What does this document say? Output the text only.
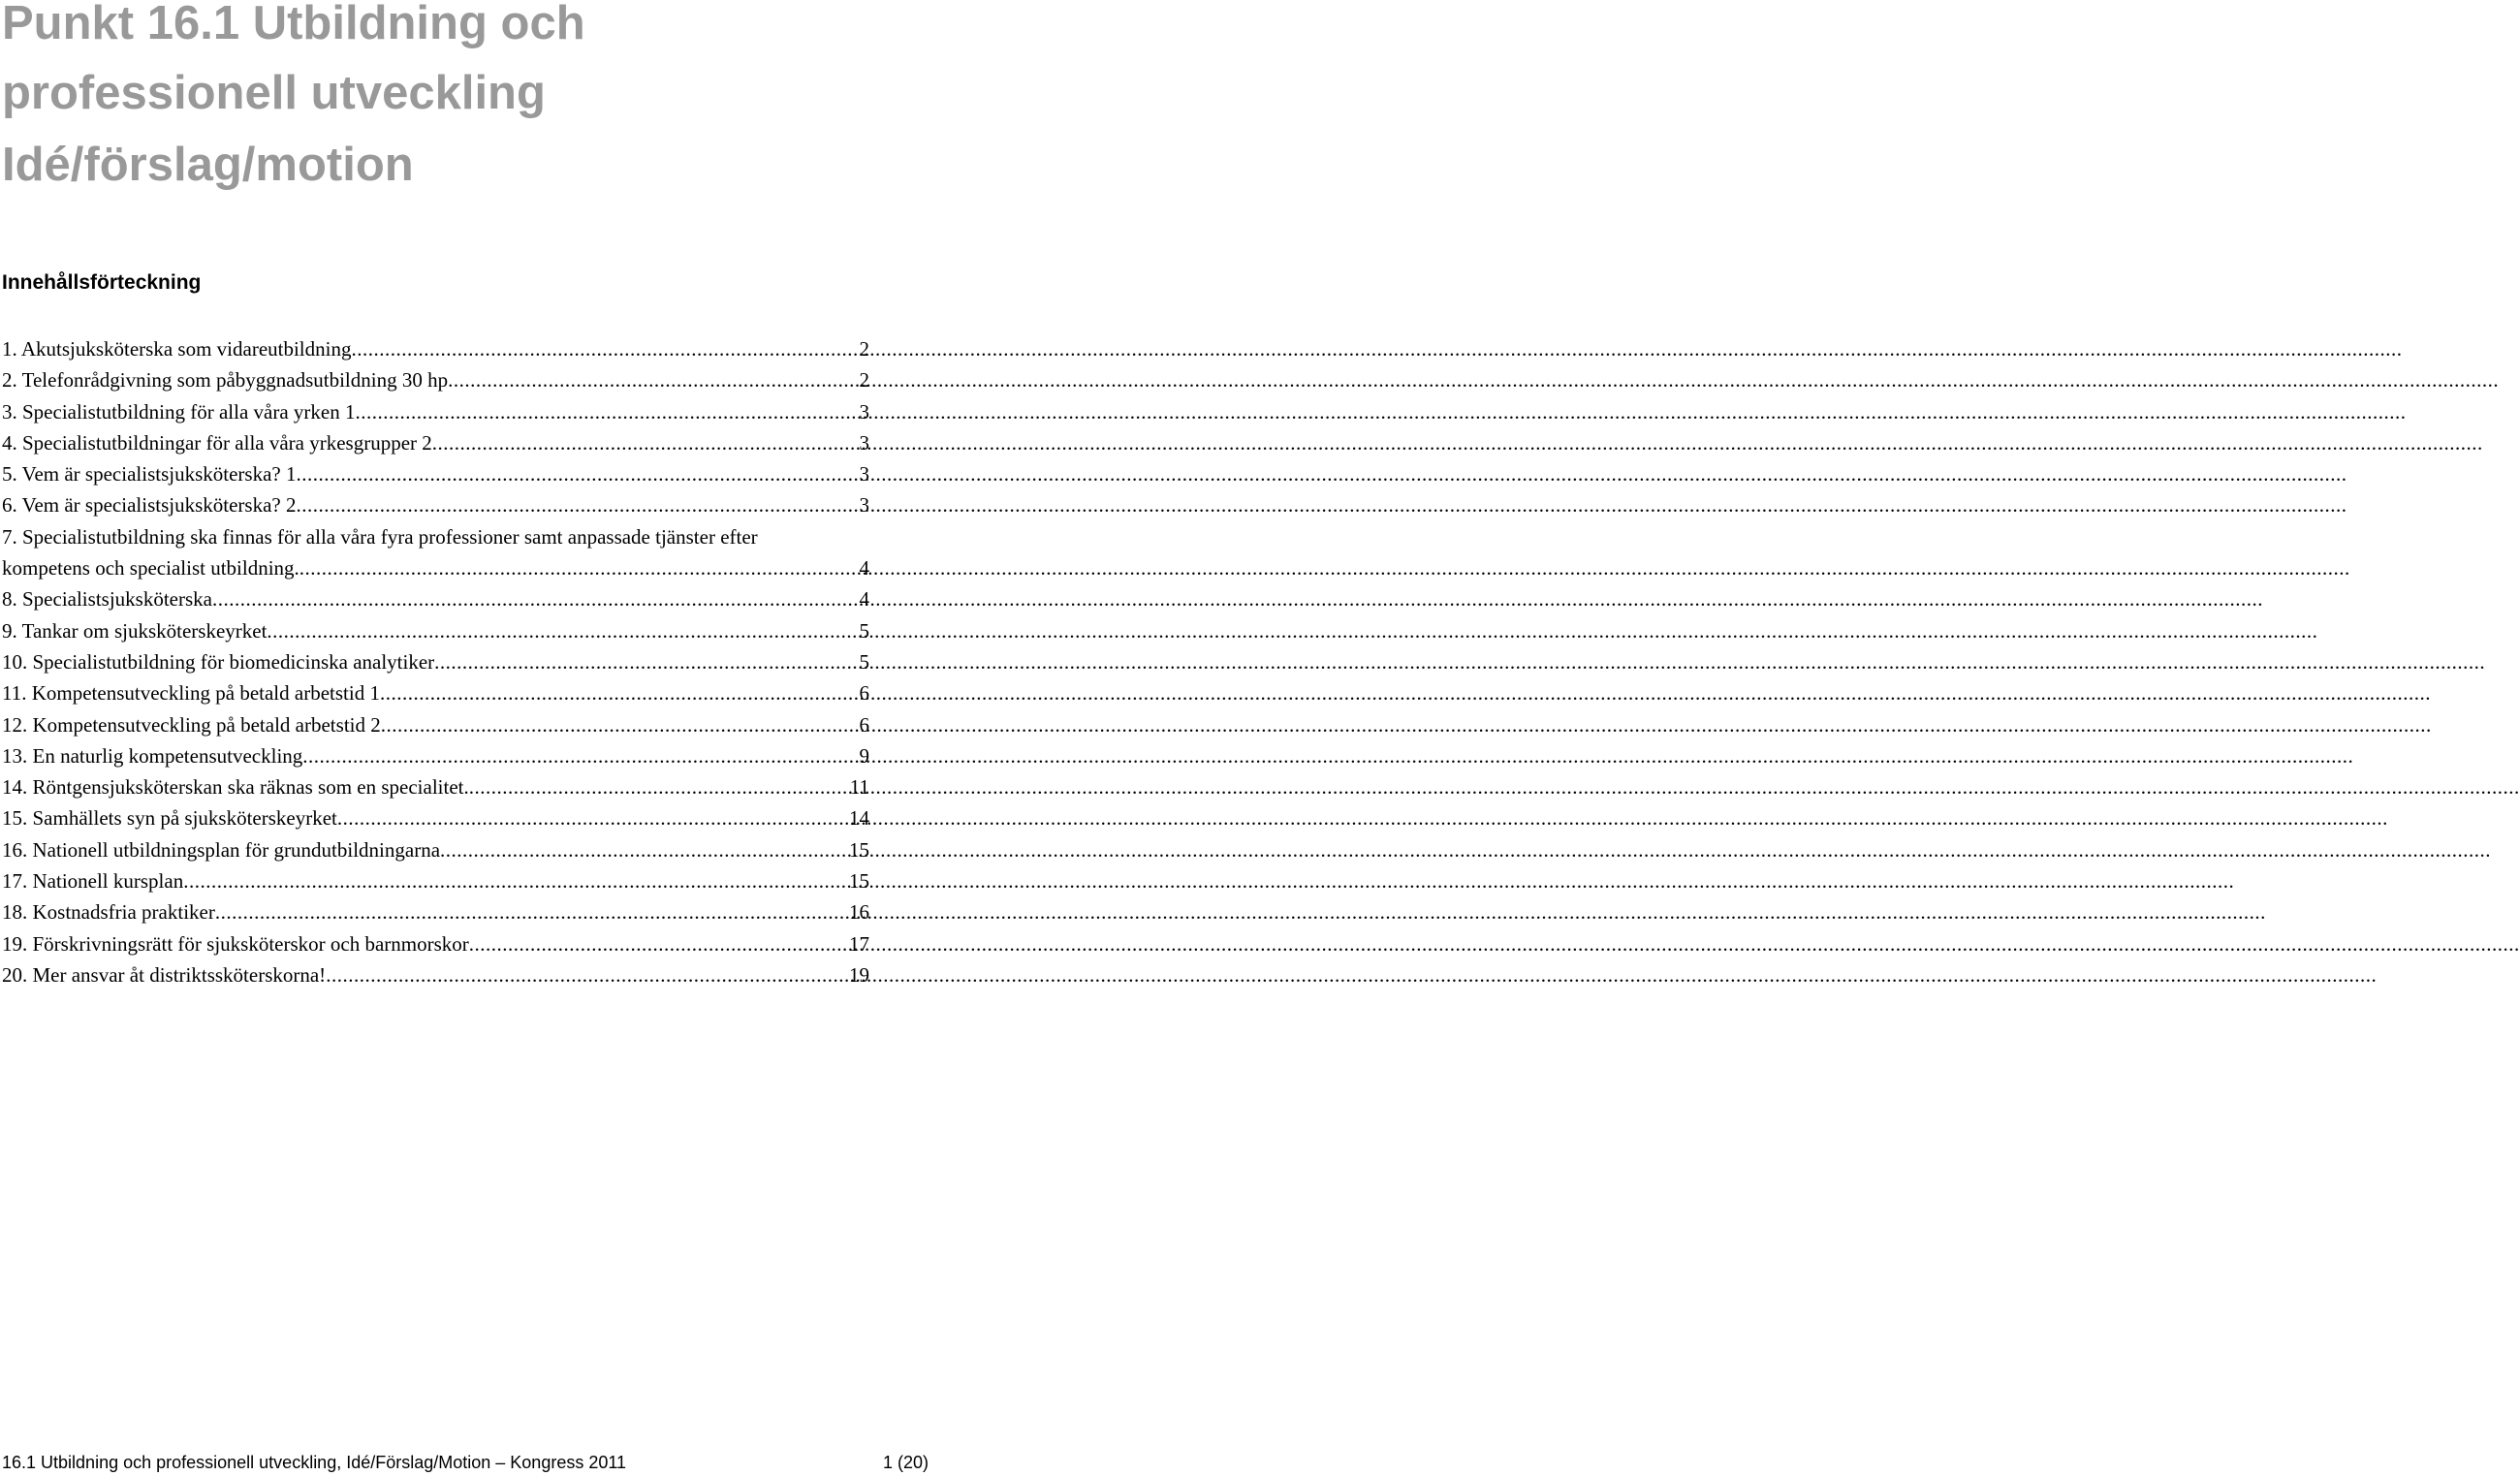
Punkt 16.1 Utbildning och
professionell utveckling
Idé/förslag/motion
Innehållsförteckning
1. Akutsjuksköterska som vidareutbildning .....	2
2. Telefonrådgivning som påbyggnadsutbildning 30 hp .....	2
3. Specialistutbildning för alla våra yrken 1 .....	3
4. Specialistutbildningar för alla våra yrkesgrupper 2 .....	3
5. Vem är specialistsjuksköterska? 1 .....	3
6. Vem är specialistsjuksköterska? 2 .....	3
7. Specialistutbildning ska finnas för alla våra fyra professioner samt anpassade tjänster efter
kompetens och specialist utbildning. .....	4
8. Specialistsjuksköterska .....	4
9. Tankar om sjuksköterskeyrket .....	5
10. Specialistutbildning för biomedicinska analytiker .....	5
11. Kompetensutveckling på betald arbetstid 1 .....	6
12. Kompetensutveckling på betald arbetstid 2 .....	6
13. En naturlig kompetensutveckling .....	9
14. Röntgensjuksköterskan ska räknas som en specialitet. .....	11
15. Samhällets syn på sjuksköterskeyrket .....	14
16. Nationell utbildningsplan för grundutbildningarna .....	15
17. Nationell kursplan .....	15
18. Kostnadsfria praktiker .....	16
19. Förskrivningsrätt för sjuksköterskor och barnmorskor .....	17
20. Mer ansvar åt distriktssköterskorna! .....	19
16.1 Utbildning och professionell utveckling, Idé/Förslag/Motion – Kongress 2011	1 (20)
